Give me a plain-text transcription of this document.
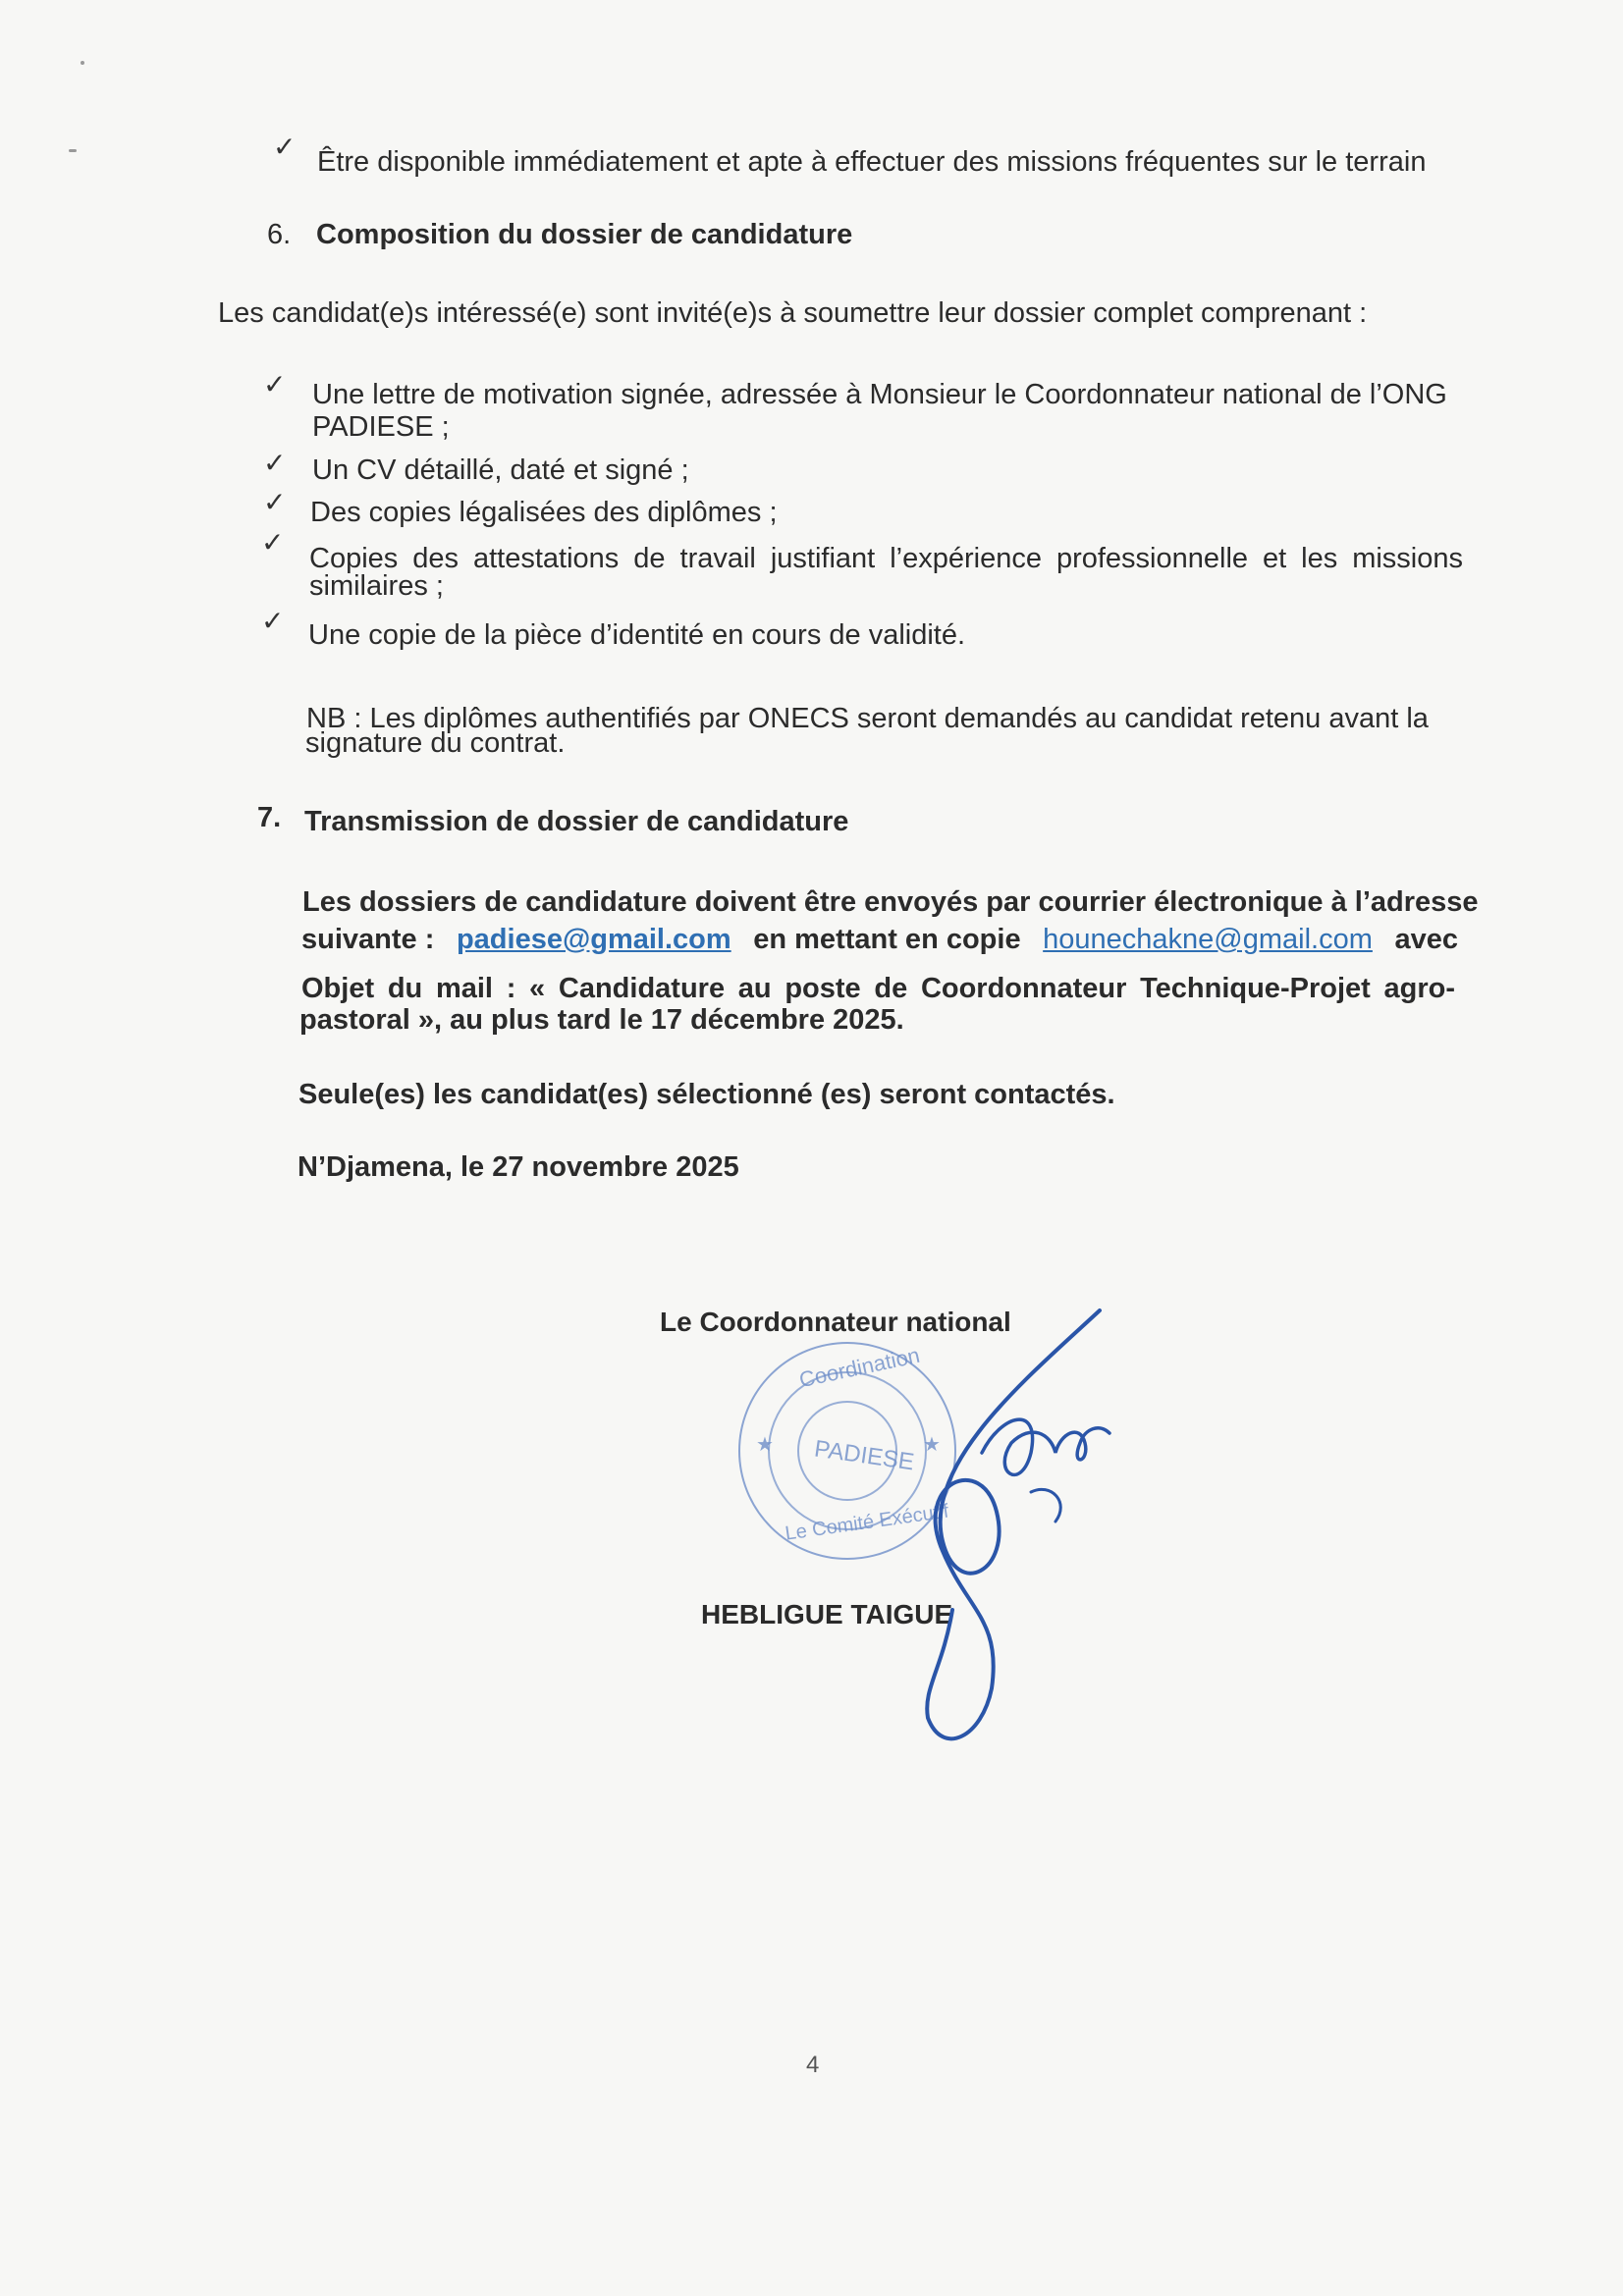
✓ Être disponible immédiatement et apte à effectuer des missions fréquentes sur le terrain
6. Composition du dossier de candidature
Les candidat(e)s intéressé(e) sont invité(e)s à soumettre leur dossier complet comprenant :
✓ Une lettre de motivation signée, adressée à Monsieur le Coordonnateur national de l’ONG
PADIESE ;
✓ Un CV détaillé, daté et signé ;
✓ Des copies légalisées des diplômes ;
✓
Copies des attestations de travail justifiant l’expérience professionnelle et les missions
similaires ;
✓ Une copie de la pièce d’identité en cours de validité.
NB : Les diplômes authentifiés par ONECS seront demandés au candidat retenu avant la
signature du contrat.
7. Transmission de dossier de candidature
Les dossiers de candidature doivent être envoyés par courrier électronique à l’adresse
suivante : padiese@gmail.com en mettant en copie hounechakne@gmail.com avec
Objet du mail : « Candidature au poste de Coordonnateur Technique-Projet agro-
pastoral », au plus tard le 17 décembre 2025.
Seule(es) les candidat(es) sélectionné (es) seront contactés.
N’Djamena, le 27 novembre 2025
Le Coordonnateur national
Coordination
PADIESE
Le Comité Exécutif
★	★
HEBLIGUE TAIGUE
4
